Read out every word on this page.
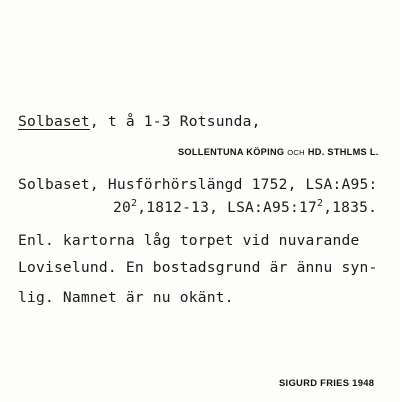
Solbaset, t å 1-3 Rotsunda,
SOLLENTUNA KÖPING OCH HD. STHLMS L.
Solbaset, Husförhörslängd 1752, LSA:A95:
$20^2,1812-13$, $LSA:A95:17^2,1835$.
Enl. kartorna låg torpet vid nuvarande
Loviselund. En bostadsgrund är ännu syn-
lig. Namnet är nu okänt.
SIGURD FRIES 1948
